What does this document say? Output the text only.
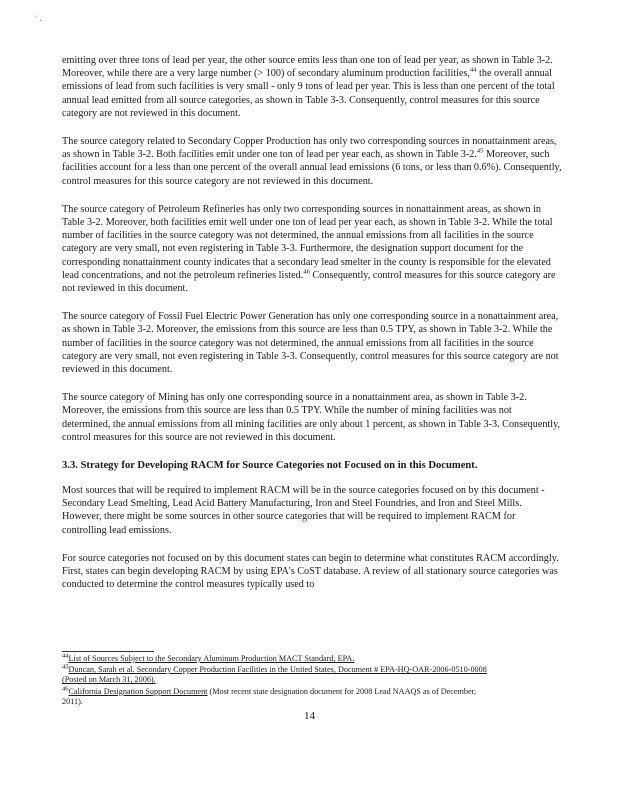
' .

emitting over three tons of lead per year, the other source emits less than one ton of lead per year, as shown in Table 3-2. Moreover, while there are a very large number (> 100) of secondary aluminum production facilities,$^{44}$ the overall annual emissions of lead from such facilities is very small - only 9 tons of lead per year. This is less than one percent of the total annual lead emitted from all source categories, as shown in Table 3-3. Consequently, control measures for this source category are not reviewed in this document.

The source category related to Secondary Copper Production has only two corresponding sources in nonattainment areas, as shown in Table 3-2. Both facilities emit under one ton of lead per year each, as shown in Table 3-2.45 Moreover, such facilities account for a less than one percent of the overall annual lead emissions (6 tons, or less than 0.6%). Consequently, control measures for this source category are not reviewed in this document.

The source category of Petroleum Refineries has only two corresponding sources in nonattainment areas, as shown in Table 3-2. Moreover, both facilities emit well under one ton of lead per year each, as shown in Table 3-2. While the total number of facilities in the source category was not determined, the annual emissions from all facilities in the source category are very small, not even registering in Table 3-3. Furthermore, the designation support document for the corresponding nonattainment county indicates that a secondary lead smelter in the county is responsible for the elevated lead concentrations, and not the petroleum refineries listed.$^{46}$ Consequently, control measures for this source category are not reviewed in this document.

The source category of Fossil Fuel Electric Power Generation has only one corresponding source in a nonattainment area, as shown in Table 3-2. Moreover, the emissions from this source are less than 0.5 TPY, as shown in Table 3-2. While the number of facilities in the source category was not determined, the annual emissions from all facilities in the source category are very small, not even registering in Table 3-3. Consequently, control measures for this source category are not reviewed in this document.

The source category of Mining has only one corresponding source in a nonattainment area, as shown in Table 3-2. Moreover, the emissions from this source are less than 0.5 TPY. While the number of mining facilities was not determined, the annual emissions from all mining facilities are only about 1 percent, as shown in Table 3-3. Consequently, control measures for this source are not reviewed in this document.

3.3. Strategy for Developing RACM for Source Categories not Focused on in this Document.

Most sources that will be required to implement RACM will be in the source categories focused on by this document - Secondary Lead Smelting, Lead Acid Battery Manufacturing, Iron and Steel Foundries, and Iron and Steel Mills. However, there might be some sources in other source categories that will be required to implement RACM for controlling lead emissions.

For source categories not focused on by this document states can begin to determine what constitutes RACM accordingly. First, states can begin developing RACM by using EPA's CoST database. A review of all stationary source categories was conducted to determine the control measures typically used to

$^{44}$List of Sources Subject to the Secondary Aluminum Production MACT Standard, EPA.
$^{45}$Duncan, Sarah et al. Secondary Copper Production Facilities in the United States, Document # EPA-HQ-OAR-2006-0510-0008 (Posted on March 31, 2006).
$^{46}$California Designation Support Document (Most recent state designation document for 2008 Lead NAAQS as of December, 2011).
14
